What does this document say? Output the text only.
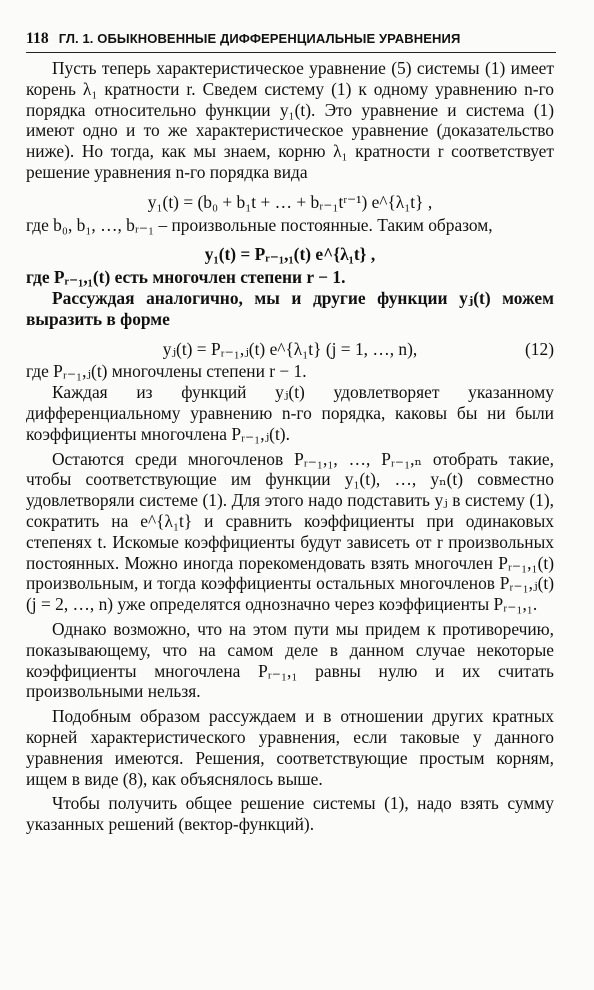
118 ГЛ. 1. ОБЫКНОВЕННЫЕ ДИФФЕРЕНЦИАЛЬНЫЕ УРАВНЕНИЯ

Пусть теперь характеристическое уравнение (5) системы (1) имеет корень λ₁ кратности r. Сведем систему (1) к одному уравнению n-го порядка относительно функции y₁(t). Это уравнение и система (1) имеют одно и то же характеристическое уравнение (доказательство ниже). Но тогда, как мы знаем, корню λ₁ кратности r соответствует решение уравнения n-го порядка вида

y₁(t) = (b₀ + b₁t + … + bᵣ₋₁tʳ⁻¹) e^{λ₁t} ,

где b₀, b₁, …, bᵣ₋₁ – произвольные постоянные. Таким образом,

y₁(t) = Pᵣ₋₁,₁(t) e^{λ₁t} ,

где Pᵣ₋₁,₁(t) есть многочлен степени r − 1.

Рассуждая аналогично, мы и другие функции yⱼ(t) можем выразить в форме

yⱼ(t) = Pᵣ₋₁,ⱼ(t) e^{λ₁t} (j = 1, …, n),	(12)

где Pᵣ₋₁,ⱼ(t) многочлены степени r − 1.

Каждая из функций yⱼ(t) удовлетворяет указанному дифференциальному уравнению n-го порядка, каковы бы ни были коэффициенты многочлена Pᵣ₋₁,ⱼ(t).

Остаются среди многочленов Pᵣ₋₁,₁, …, Pᵣ₋₁,ₙ отобрать такие, чтобы соответствующие им функции y₁(t), …, yₙ(t) совместно удовлетворяли системе (1). Для этого надо подставить yⱼ в систему (1), сократить на e^{λ₁t} и сравнить коэффициенты при одинаковых степенях t. Искомые коэффициенты будут зависеть от r произвольных постоянных. Можно иногда порекомендовать взять многочлен Pᵣ₋₁,₁(t) произвольным, и тогда коэффициенты остальных многочленов Pᵣ₋₁,ⱼ(t) (j = 2, …, n) уже определятся однозначно через коэффициенты Pᵣ₋₁,₁.

Однако возможно, что на этом пути мы придем к противоречию, показывающему, что на самом деле в данном случае некоторые коэффициенты многочлена Pᵣ₋₁,₁ равны нулю и их считать произвольными нельзя.

Подобным образом рассуждаем и в отношении других кратных корней характеристического уравнения, если таковые у данного уравнения имеются. Решения, соответствующие простым корням, ищем в виде (8), как объяснялось выше.

Чтобы получить общее решение системы (1), надо взять сумму указанных решений (вектор-функций).
